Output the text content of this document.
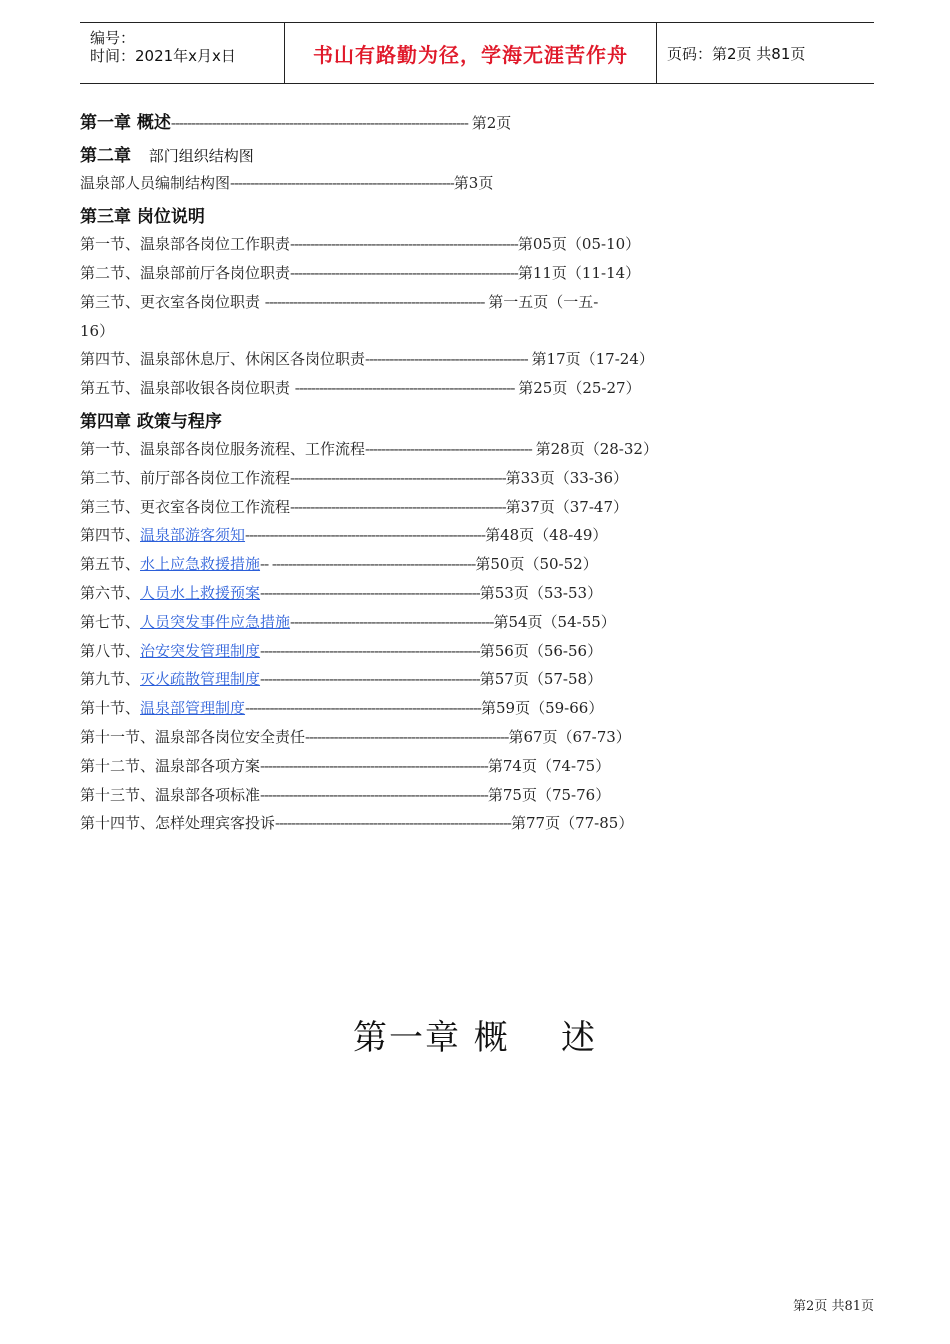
编号：
时间：2021年x月x日	书山有路勤为径，学海无涯苦作舟	页码：第2页 共81页
第一章 概述------------------------------------------------------------------------- 第2页
第二章 部门组织结构图
温泉部人员编制结构图-------------------------------------------------------第3页
第三章 岗位说明
第四章 政策与程序
第一章 概    述
第2页 共81页
第一节、温泉部各岗位工作职责--------------------------------------------------------第05页（05-10）
第二节、温泉部前厅各岗位职责--------------------------------------------------------第11页（11-14）
第三节、更衣室各岗位职责 ------------------------------------------------------ 第一五页（一五-
16）
第四节、温泉部休息厅、休闲区各岗位职责---------------------------------------- 第17页（17-24）
第五节、温泉部收银各岗位职责 ------------------------------------------------------ 第25页（25-27）
第一节、温泉部各岗位服务流程、工作流程----------------------------------------- 第28页（28-32）
第二节、前厅部各岗位工作流程-----------------------------------------------------第33页（33-36）
第三节、更衣室各岗位工作流程-----------------------------------------------------第37页（37-47）
第四节、温泉部游客须知-----------------------------------------------------------第48页（48-49）
第五节、水上应急救援措施-- --------------------------------------------------第50页（50-52）
第六节、人员水上救援预案------------------------------------------------------第53页（53-53）
第七节、人员突发事件应急措施--------------------------------------------------第54页（54-55）
第八节、治安突发管理制度------------------------------------------------------第56页（56-56）
第九节、灭火疏散管理制度------------------------------------------------------第57页（57-58）
第十节、温泉部管理制度----------------------------------------------------------第59页（59-66）
第十一节、温泉部各岗位安全责任--------------------------------------------------第67页（67-73）
第十二节、温泉部各项方案--------------------------------------------------------第74页（74-75）
第十三节、温泉部各项标准--------------------------------------------------------第75页（75-76）
第十四节、怎样处理宾客投诉----------------------------------------------------------第77页（77-85）
